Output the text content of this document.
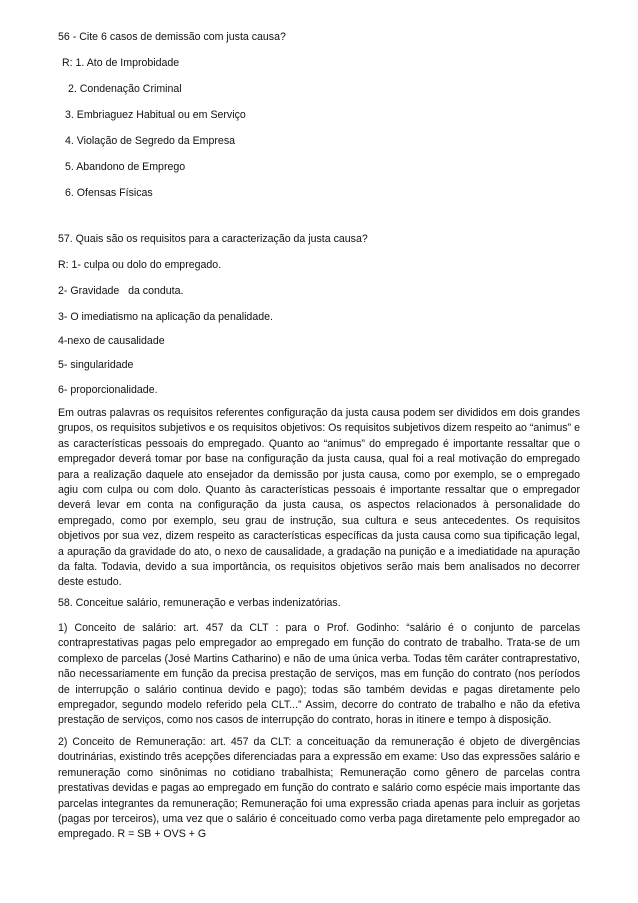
56 - Cite 6 casos de demissão com justa causa?
R: 1. Ato de Improbidade
2. Condenação Criminal
3. Embriaguez Habitual ou em Serviço
4. Violação de Segredo da Empresa
5. Abandono de Emprego
6. Ofensas Físicas
57. Quais são os requisitos para a caracterização da justa causa?
R: 1- culpa ou dolo do empregado.
2- Gravidade   da conduta.
3- O imediatismo na aplicação da penalidade.
4-nexo de causalidade
5- singularidade
6- proporcionalidade.
Em outras palavras os requisitos referentes configuração da justa causa podem ser divididos em dois grandes grupos, os requisitos subjetivos e os requisitos objetivos: Os requisitos subjetivos dizem respeito ao “animus” e as características pessoais do empregado. Quanto ao “animus” do empregado é importante ressaltar que o empregador deverá tomar por base na configuração da justa causa, qual foi a real motivação do empregado para a realização daquele ato ensejador da demissão por justa causa, como por exemplo, se o empregado agiu com culpa ou com dolo. Quanto às características pessoais é importante ressaltar que o empregador deverá levar em conta na configuração da justa causa, os aspectos relacionados à personalidade do empregado, como por exemplo, seu grau de instrução, sua cultura e seus antecedentes. Os requisitos objetivos por sua vez, dizem respeito as características específicas da justa causa como sua tipificação legal, a apuração da gravidade do ato, o nexo de causalidade, a gradação na punição e a imediatidade na apuração da falta. Todavia, devido a sua importância, os requisitos objetivos serão mais bem analisados no decorrer deste estudo.
58. Conceitue salário, remuneração e verbas indenizatórias.
1) Conceito de salário: art. 457 da CLT : para o Prof. Godinho: “salário é o conjunto de parcelas contraprestativas pagas pelo empregador ao empregado em função do contrato de trabalho. Trata-se de um complexo de parcelas (José Martins Catharino) e não de uma única verba. Todas têm caráter contraprestativo, não necessariamente em função da precisa prestação de serviços, mas em função do contrato (nos períodos de interrupção o salário continua devido e pago); todas são também devidas e pagas diretamente pelo empregador, segundo modelo referido pela CLT...” Assim, decorre do contrato de trabalho e não da efetiva prestação de serviços, como nos casos de interrupção do contrato, horas in itinere e tempo à disposição.
2) Conceito de Remuneração: art. 457 da CLT: a conceituação da remuneração é objeto de divergências doutrinárias, existindo três acepções diferenciadas para a expressão em exame: Uso das expressões salário e remuneração como sinônimas no cotidiano trabalhista; Remuneração como gênero de parcelas contra prestativas devidas e pagas ao empregado em função do contrato e salário como espécie mais importante das parcelas integrantes da remuneração; Remuneração foi uma expressão criada apenas para incluir as gorjetas (pagas por terceiros), uma vez que o salário é conceituado como verba paga diretamente pelo empregador ao empregado. R = SB + OVS + G
